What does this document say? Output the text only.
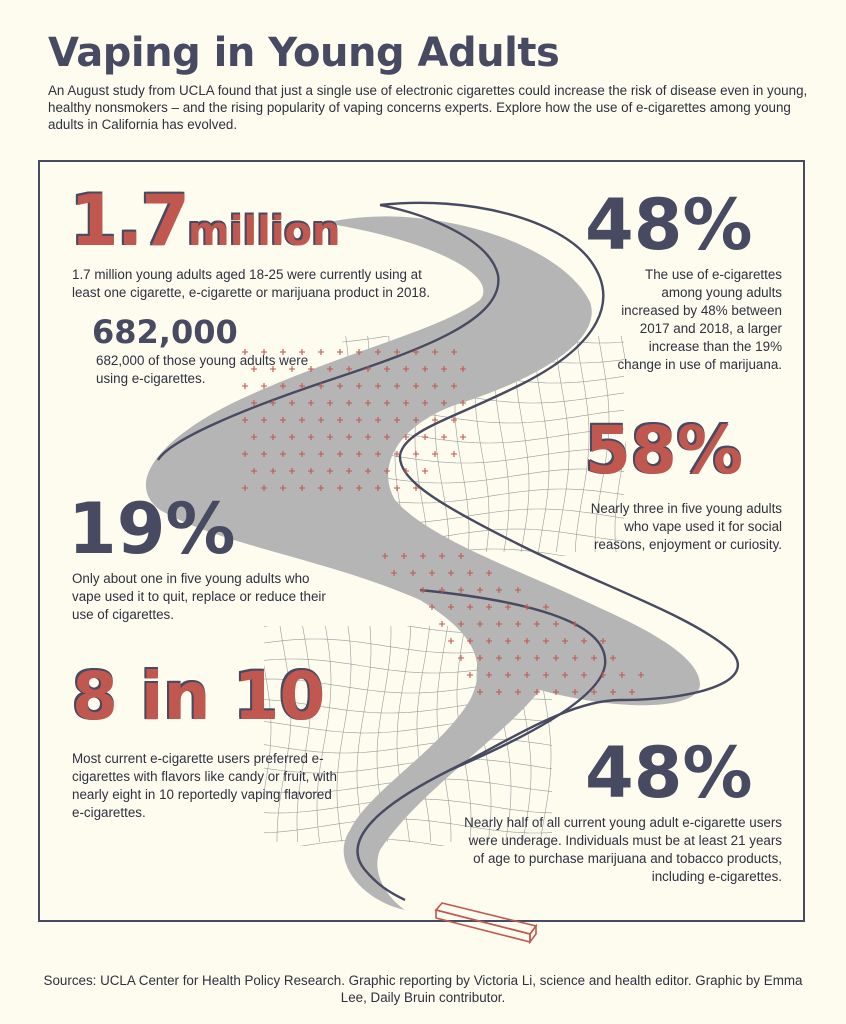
Vaping in Young Adults

An August study from UCLA found that just a single use of electronic cigarettes could increase the risk of disease even in young, healthy nonsmokers – and the rising popularity of vaping concerns experts. Explore how the use of e-cigarettes among young adults in California has evolved.

1.7million

1.7 million young adults aged 18-25 were currently using at least one cigarette, e-cigarette or marijuana product in 2018.

682,000

682,000 of those young adults were using e-cigarettes.

48%

The use of e-cigarettes among young adults increased by 48% between 2017 and 2018, a larger increase than the 19% change in use of marijuana.

58%

Nearly three in five young adults who vape used it for social reasons, enjoyment or curiosity.

19%

Only about one in five young adults who vape used it to quit, replace or reduce their use of cigarettes.

8 in 10

Most current e-cigarette users preferred e-cigarettes with flavors like candy or fruit, with nearly eight in 10 reportedly vaping flavored e-cigarettes.	48%

Nearly half of all current young adult e-cigarette users were underage. Individuals must be at least 21 years of age to purchase marijuana and tobacco products, including e-cigarettes.

Sources: UCLA Center for Health Policy Research. Graphic reporting by Victoria Li, science and health editor. Graphic by Emma Lee, Daily Bruin contributor.
